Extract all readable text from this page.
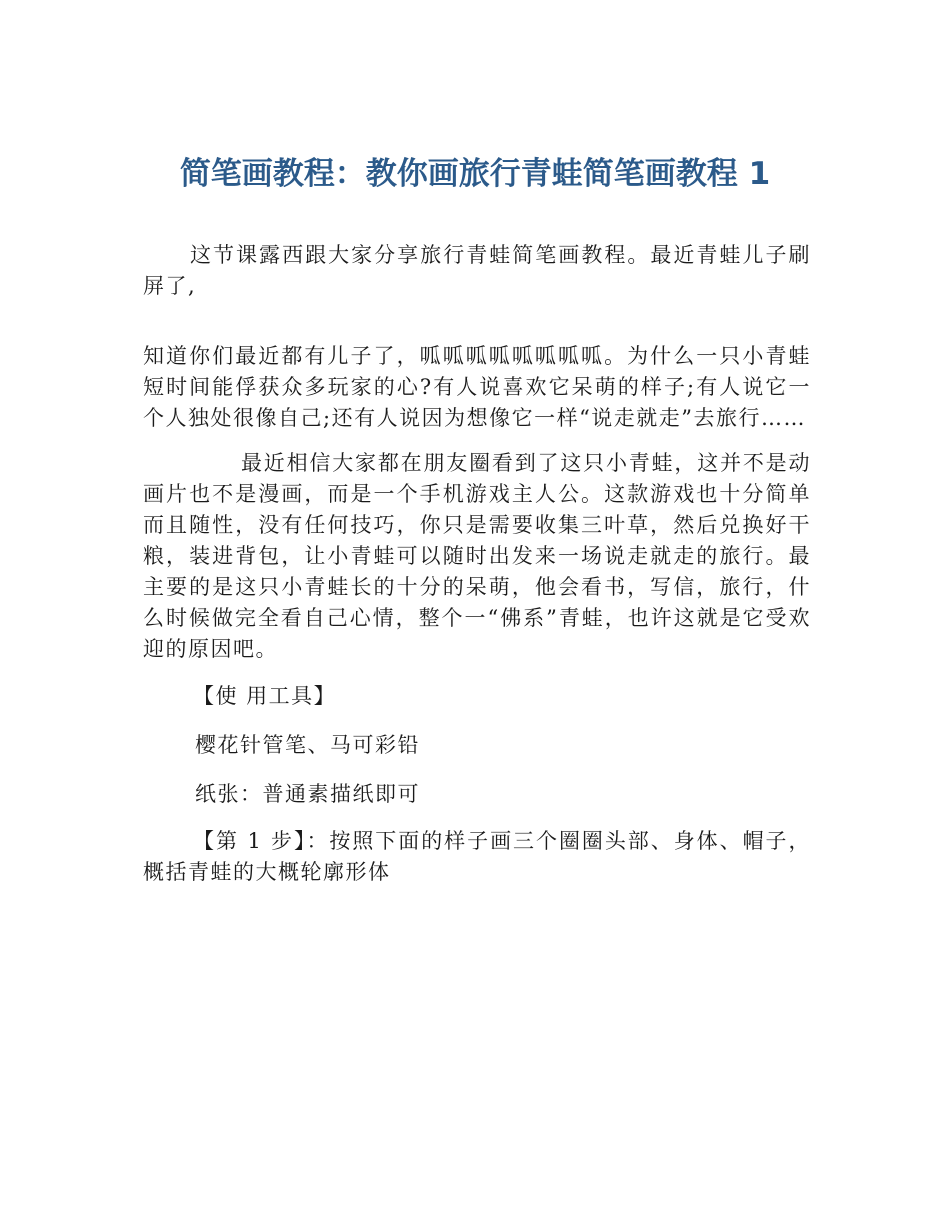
简笔画教程：教你画旅行青蛙简笔画教程 1

这节课露西跟大家分享旅行青蛙简笔画教程。最近青蛙儿子刷屏了,

知道你们最近都有儿子了，呱呱呱呱呱呱呱呱。为什么一只小青蛙短时间能俘获众多玩家的心?有人说喜欢它呆萌的样子;有人说它一个人独处很像自己;还有人说因为想像它一样“说走就走”去旅行……

最近相信大家都在朋友圈看到了这只小青蛙，这并不是动画片也不是漫画，而是一个手机游戏主人公。这款游戏也十分简单而且随性，没有任何技巧，你只是需要收集三叶草，然后兑换好干粮，装进背包，让小青蛙可以随时出发来一场说走就走的旅行。最主要的是这只小青蛙长的十分的呆萌，他会看书，写信，旅行，什么时候做完全看自己心情，整个一“佛系”青蛙，也许这就是它受欢迎的原因吧。

【使 用工具】

樱花针管笔、马可彩铅

纸张：普通素描纸即可

【第 1 步】：按照下面的样子画三个圈圈头部、身体、帽子，概括青蛙的大概轮廓形体
